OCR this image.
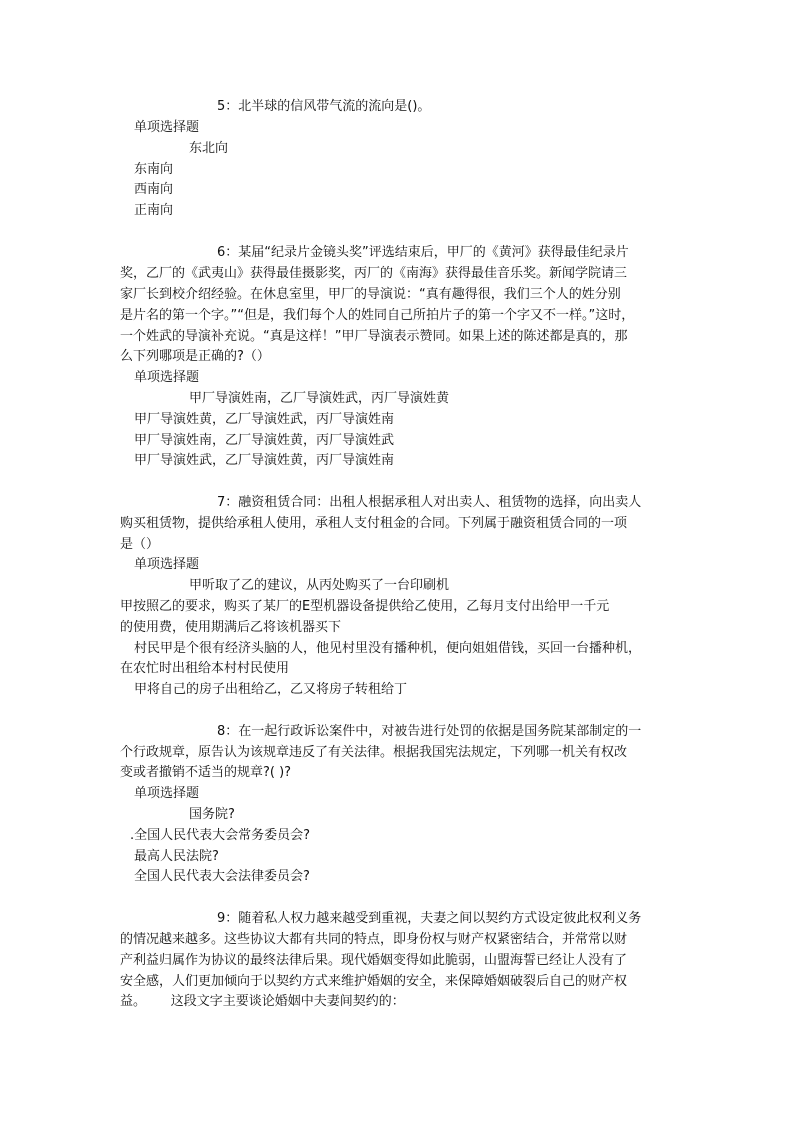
5：北半球的信风带气流的流向是()。
单项选择题
东北向
东南向
西南向
正南向
6：某届“纪录片金镜头奖”评选结束后，甲厂的《黄河》获得最佳纪录片
奖，乙厂的《武夷山》获得最佳摄影奖，丙厂的《南海》获得最佳音乐奖。新闻学院请三
家厂长到校介绍经验。在休息室里，甲厂的导演说：“真有趣得很，我们三个人的姓分别
是片名的第一个字。”“但是，我们每个人的姓同自己所拍片子的第一个字又不一样。”这时，
一个姓武的导演补充说。“真是这样！”甲厂导演表示赞同。如果上述的陈述都是真的，那
么下列哪项是正确的?（）
单项选择题
甲厂导演姓南，乙厂导演姓武，丙厂导演姓黄
甲厂导演姓黄，乙厂导演姓武，丙厂导演姓南
甲厂导演姓南，乙厂导演姓黄，丙厂导演姓武
甲厂导演姓武，乙厂导演姓黄，丙厂导演姓南
7：融资租赁合同：出租人根据承租人对出卖人、租赁物的选择，向出卖人
购买租赁物，提供给承租人使用，承租人支付租金的合同。下列属于融资租赁合同的一项
是（）
单项选择题
甲听取了乙的建议，从丙处购买了一台印刷机
甲按照乙的要求，购买了某厂的E型机器设备提供给乙使用，乙每月支付出给甲一千元
的使用费，使用期满后乙将该机器买下
村民甲是个很有经济头脑的人，他见村里没有播种机，便向姐姐借钱，买回一台播种机，
在农忙时出租给本村村民使用
甲将自己的房子出租给乙，乙又将房子转租给丁
8：在一起行政诉讼案件中，对被告进行处罚的依据是国务院某部制定的一
个行政规章，原告认为该规章违反了有关法律。根据我国宪法规定，下列哪一机关有权改
变或者撤销不适当的规章?( )?
单项选择题
国务院?
.全国人民代表大会常务委员会?
最高人民法院?
全国人民代表大会法律委员会?
9：随着私人权力越来越受到重视，夫妻之间以契约方式设定彼此权利义务
的情况越来越多。这些协议大都有共同的特点，即身份权与财产权紧密结合，并常常以财
产利益归属作为协议的最终法律后果。现代婚姻变得如此脆弱，山盟海誓已经让人没有了
安全感，人们更加倾向于以契约方式来维护婚姻的安全，来保障婚姻破裂后自己的财产权
益。      这段文字主要谈论婚姻中夫妻间契约的：
